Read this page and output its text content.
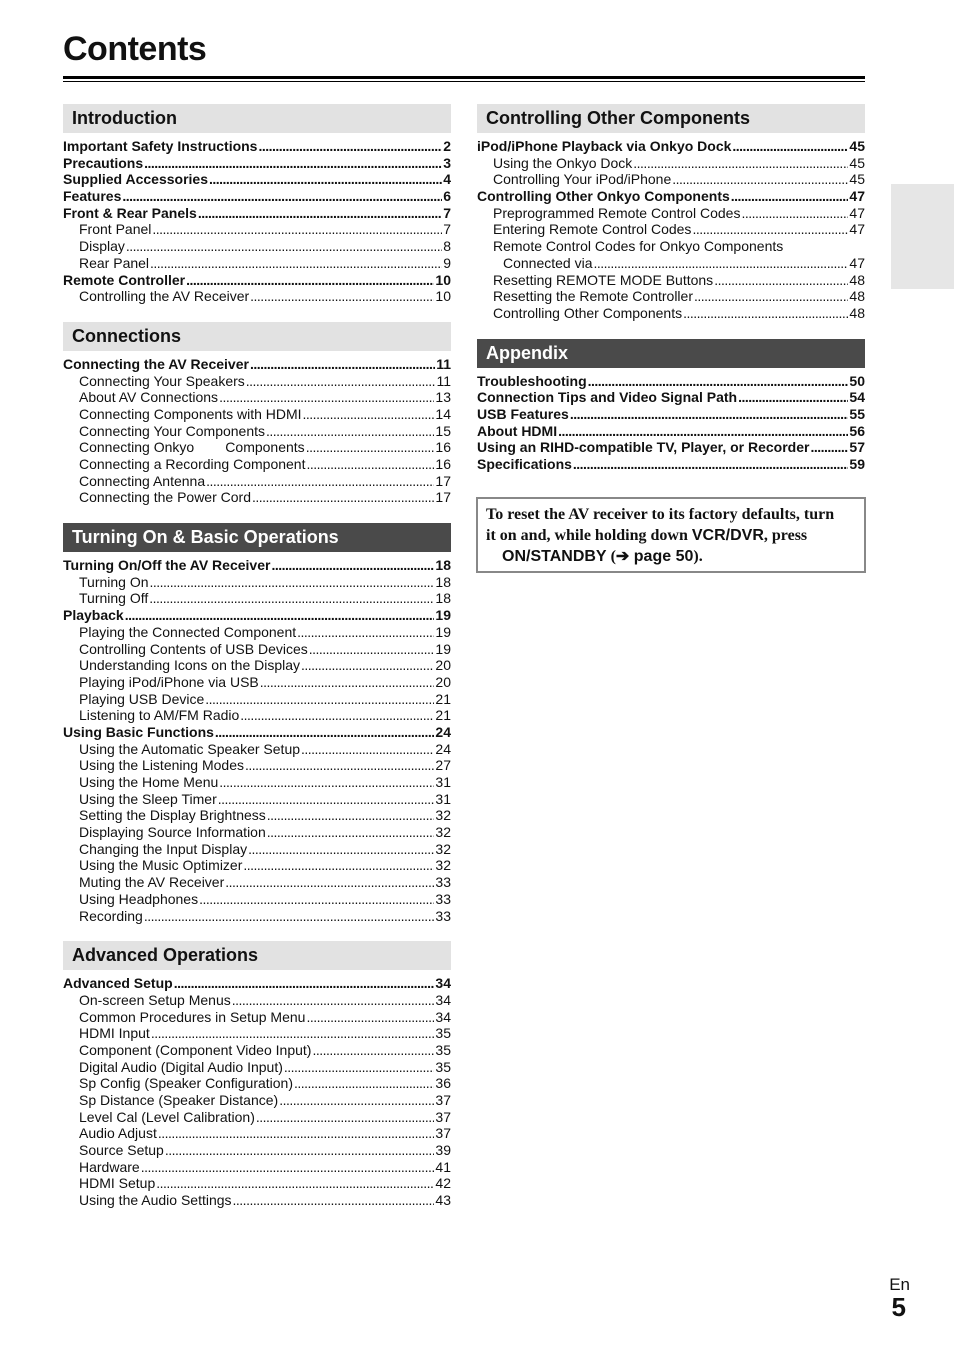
Contents
Introduction
Important Safety Instructions . . .	2
Precautions . . .	3
Supplied Accessories . . .	4
Features . . .	6
Front & Rear Panels . . .	7
Front Panel . . .	7
Display . . .	8
Rear Panel . . .	9
Remote Controller . . .	10
Controlling the AV Receiver . . .	10
Connections
Connecting the AV Receiver . . .	11
Connecting Your Speakers . . .	11
About AV Connections . . .	13
Connecting Components with HDMI . . .	14
Connecting Your Components . . .	15
Connecting Onkyo        Components . . .	16
Connecting a Recording Component . . .	16
Connecting Antenna . . .	17
Connecting the Power Cord . . .	17
Turning On & Basic Operations
Turning On/Off the AV Receiver . . .	18
Turning On . . .	18
Turning Off . . .	18
Playback . . .	19
Playing the Connected Component . . .	19
Controlling Contents of USB Devices . . .	19
Understanding Icons on the Display . . .	20
Playing iPod/iPhone via USB . . .	20
Playing USB Device . . .	21
Listening to AM/FM Radio . . .	21
Using Basic Functions . . .	24
Using the Automatic Speaker Setup . . .	24
Using the Listening Modes . . .	27
Using the Home Menu . . .	31
Using the Sleep Timer . . .	31
Setting the Display Brightness . . .	32
Displaying Source Information . . .	32
Changing the Input Display . . .	32
Using the Music Optimizer . . .	32
Muting the AV Receiver . . .	33
Using Headphones . . .	33
Recording . . .	33
Advanced Operations
Advanced Setup . . .	34
On-screen Setup Menus . . .	34
Common Procedures in Setup Menu . . .	34
HDMI Input . . .	35
Component (Component Video Input) . . .	35
Digital Audio (Digital Audio Input) . . .	35
Sp Config (Speaker Configuration) . . .	36
Sp Distance (Speaker Distance) . . .	37
Level Cal (Level Calibration) . . .	37
Audio Adjust . . .	37
Source Setup . . .	39
Hardware . . .	41
HDMI Setup . . .	42
Using the Audio Settings . . .	43
Controlling Other Components
iPod/iPhone Playback via Onkyo Dock . . .	45
Using the Onkyo Dock . . .	45
Controlling Your iPod/iPhone . . .	45
Controlling Other Onkyo Components . . .	47
Preprogrammed Remote Control Codes . . .	47
Entering Remote Control Codes . . .	47
Remote Control Codes for Onkyo Components
Connected via . . .	47
Resetting REMOTE MODE Buttons . . .	48
Resetting the Remote Controller . . .	48
Controlling Other Components . . .	48
Appendix
Troubleshooting . . .	50
Connection Tips and Video Signal Path . . .	54
USB Features . . .	55
About HDMI . . .	56
Using an RIHD-compatible TV, Player, or Recorder . . .	57
Specifications . . .	59
To reset the AV receiver to its factory defaults, turn
it on and, while holding down VCR/DVR, press
ON/STANDBY (➔ page 50).
En
5
